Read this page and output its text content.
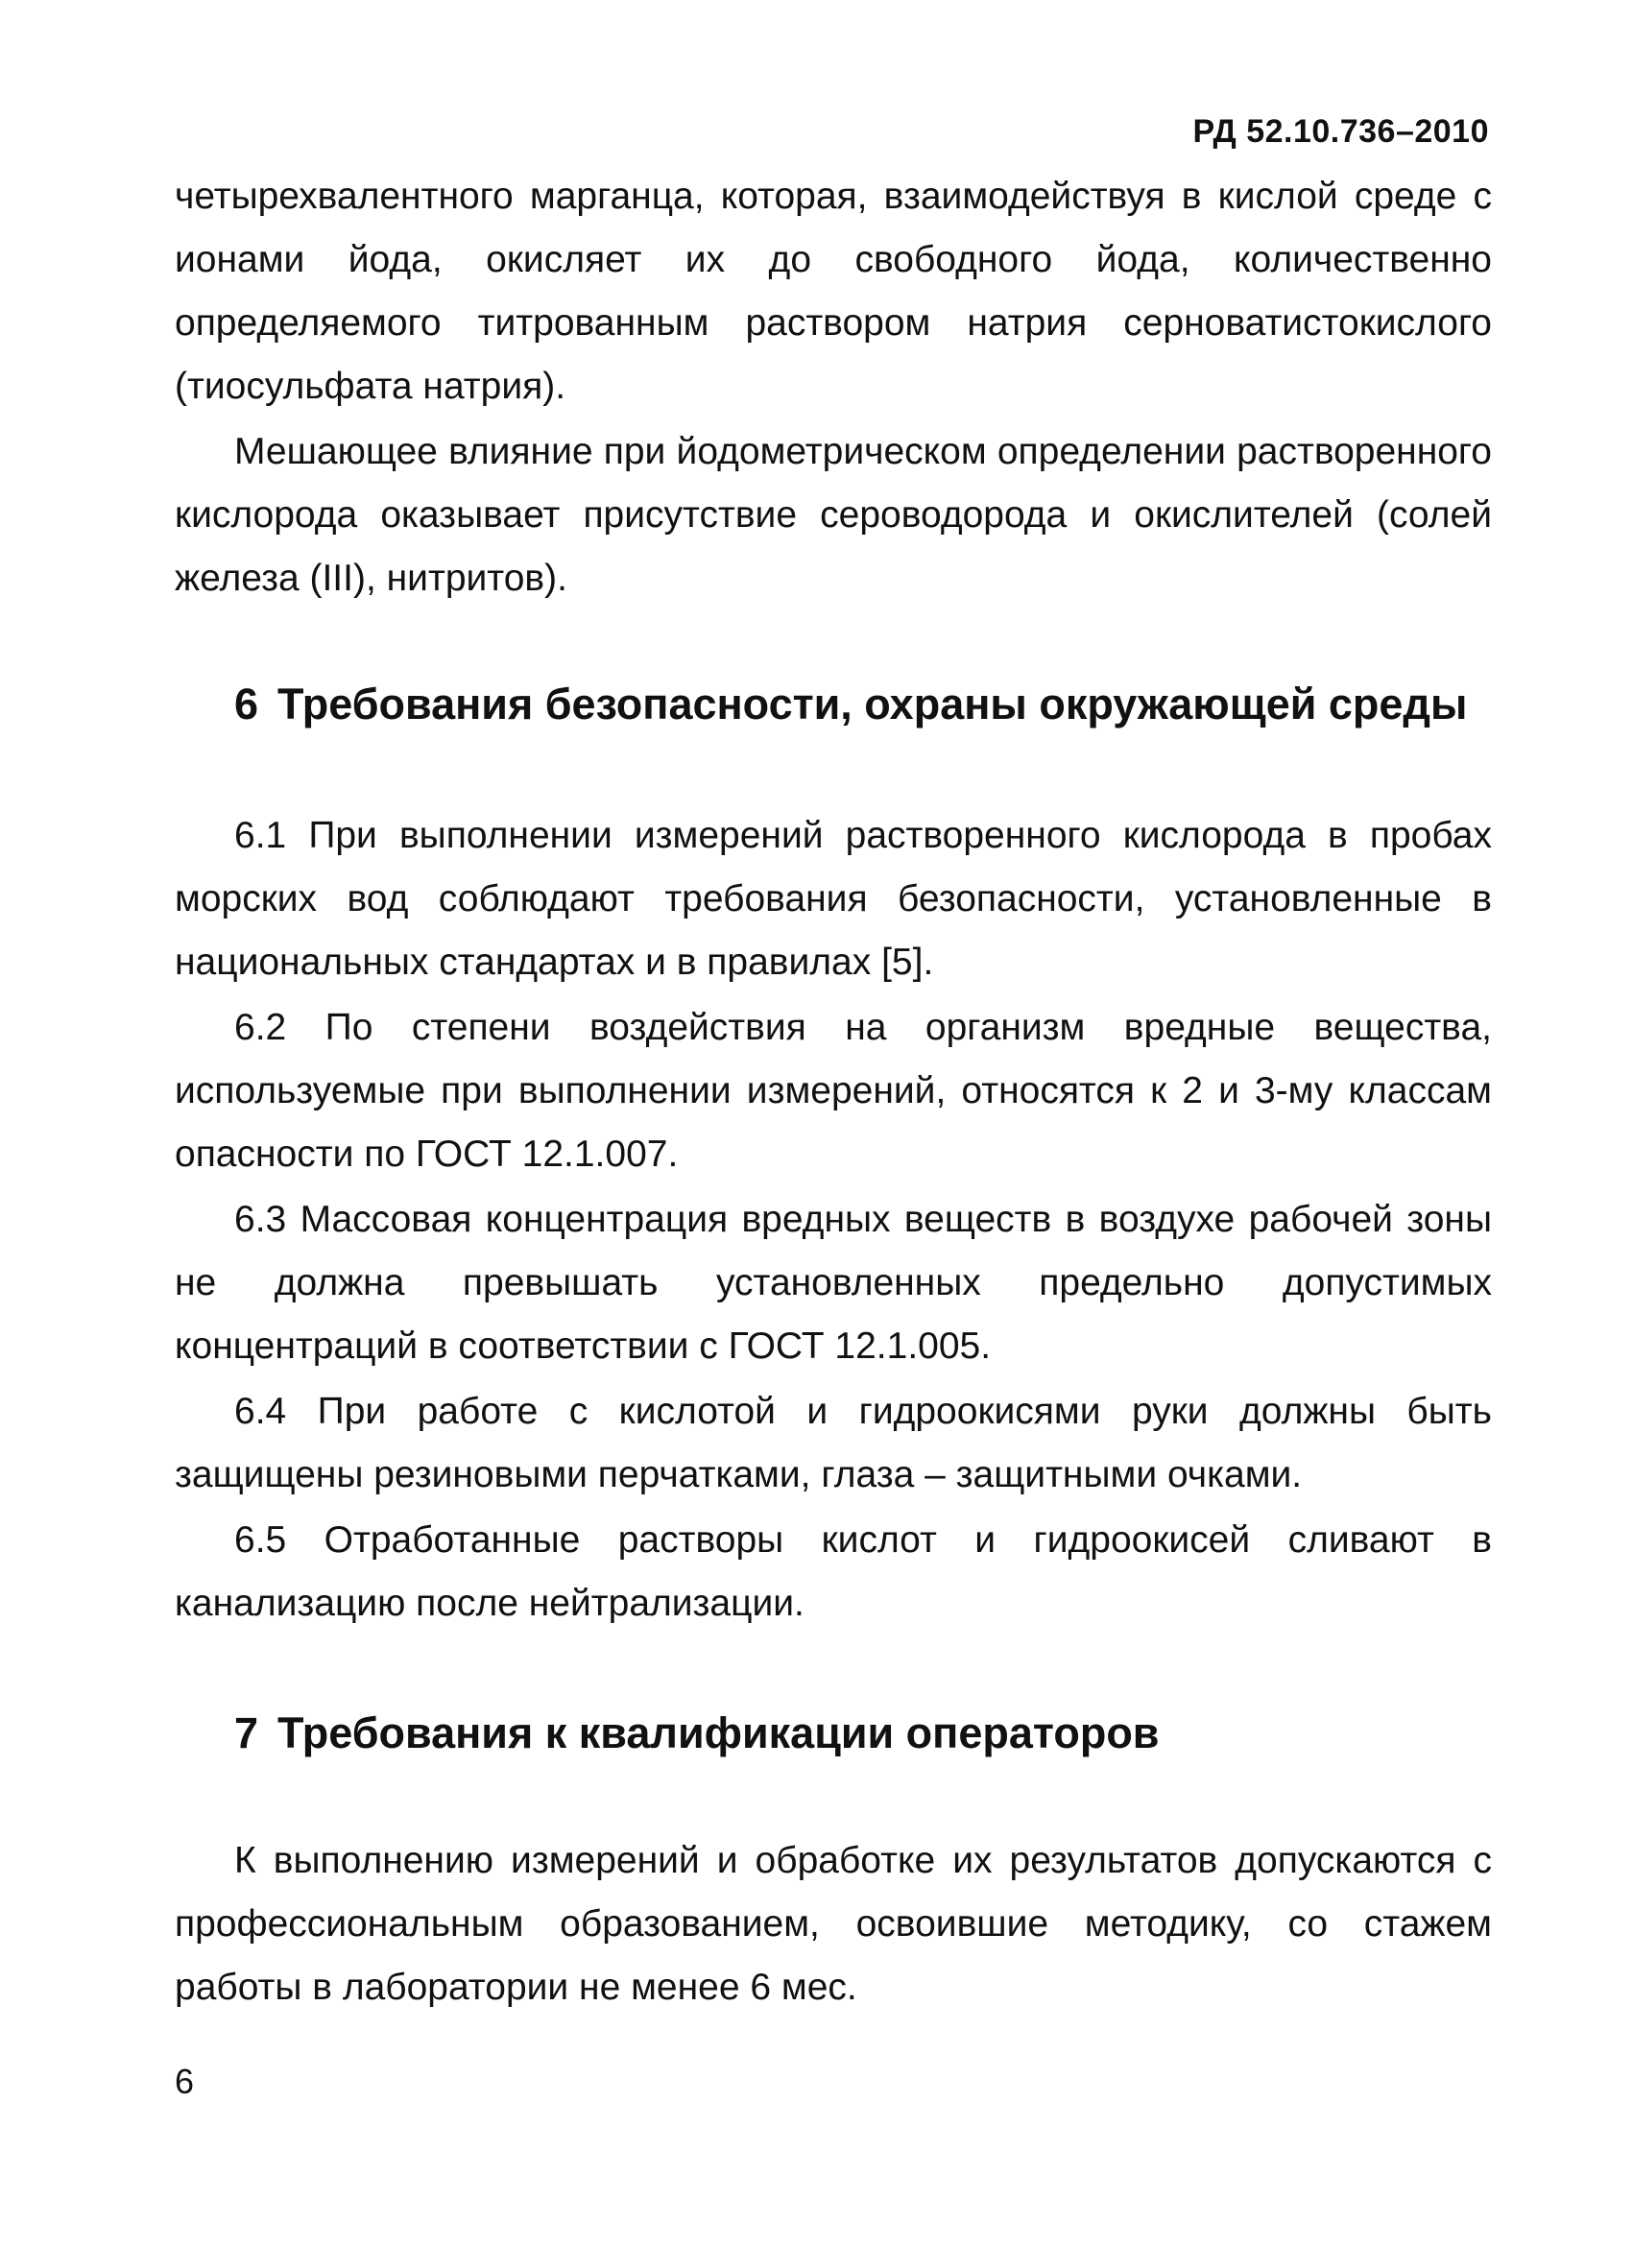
РД 52.10.736–2010

четырехвалентного марганца, которая, взаимодействуя в кислой среде с ионами йода, окисляет их до свободного йода, количественно определяемого титрованным раствором натрия серноватистокислого (тиосульфата натрия).

Мешающее влияние при йодометрическом определении растворенного кислорода оказывает присутствие сероводорода и окислителей (солей железа (III), нитритов).

6 Требования безопасности, охраны окружающей среды

6.1 При выполнении измерений растворенного кислорода в пробах морских вод соблюдают требования безопасности, установленные в национальных стандартах и в правилах [5].

6.2 По степени воздействия на организм вредные вещества, используемые при выполнении измерений, относятся к 2 и 3-му классам опасности по ГОСТ 12.1.007.

6.3 Массовая концентрация вредных веществ в воздухе рабочей зоны не должна превышать установленных предельно допустимых концентраций в соответствии с ГОСТ 12.1.005.

6.4 При работе с кислотой и гидроокисями руки должны быть защищены резиновыми перчатками, глаза – защитными очками.

6.5 Отработанные растворы кислот и гидроокисей сливают в канализацию после нейтрализации.

7 Требования к квалификации операторов

К выполнению измерений и обработке их результатов допускаются с профессиональным образованием, освоившие методику, со стажем работы в лаборатории не менее 6 мес.

6
